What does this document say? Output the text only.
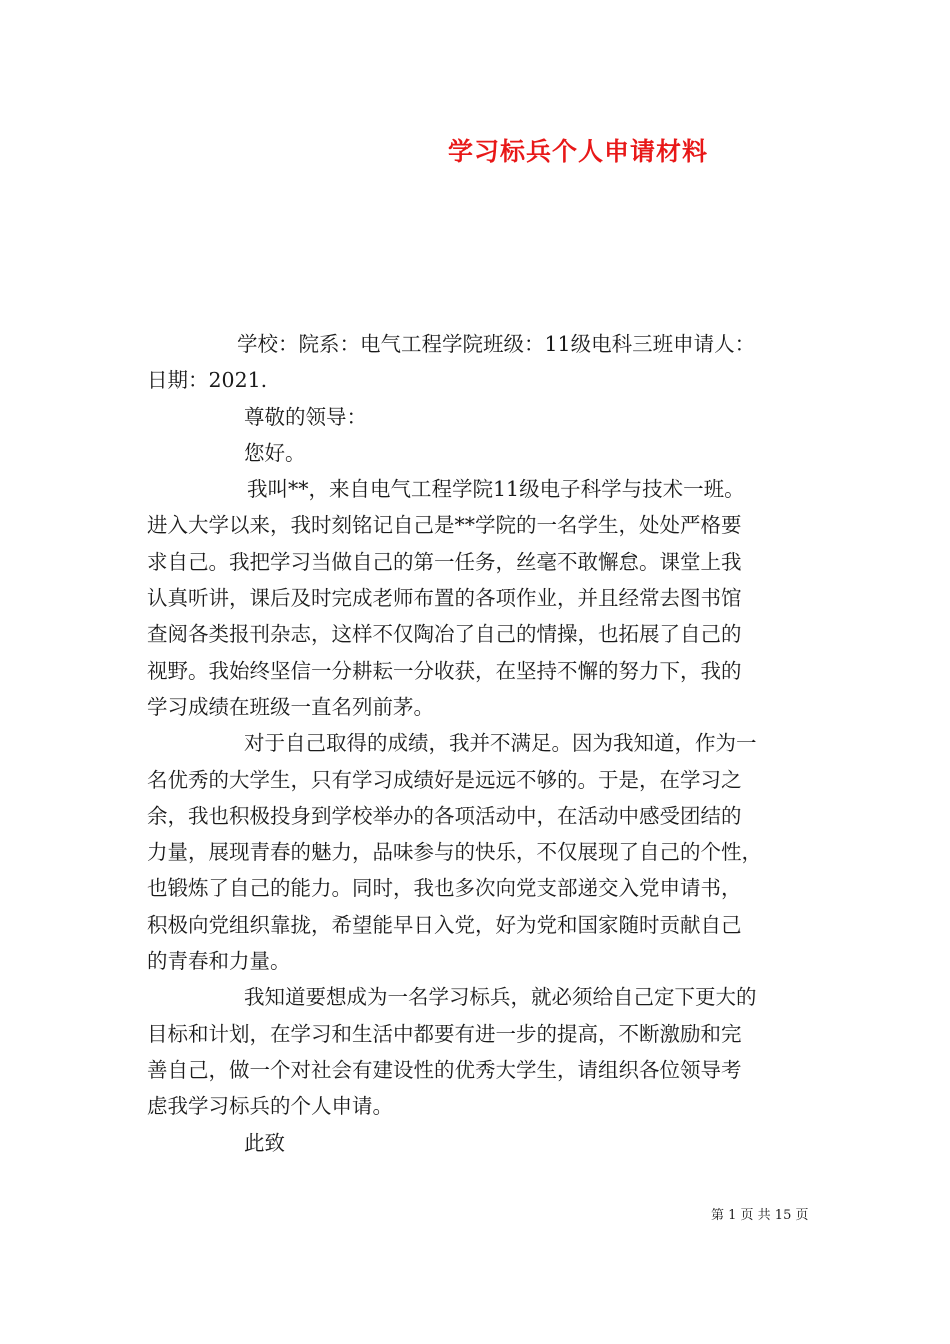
学习标兵个人申请材料
学校：院系：电气工程学院班级：11级电科三班申请人：
日期：2021.
尊敬的领导：
您好。
我叫**，来自电气工程学院11级电子科学与技术一班。
进入大学以来，我时刻铭记自己是**学院的一名学生，处处严格要
求自己。我把学习当做自己的第一任务，丝毫不敢懈怠。课堂上我
认真听讲，课后及时完成老师布置的各项作业，并且经常去图书馆
查阅各类报刊杂志，这样不仅陶冶了自己的情操，也拓展了自己的
视野。我始终坚信一分耕耘一分收获，在坚持不懈的努力下，我的
学习成绩在班级一直名列前茅。
对于自己取得的成绩，我并不满足。因为我知道，作为一
名优秀的大学生，只有学习成绩好是远远不够的。于是，在学习之
余，我也积极投身到学校举办的各项活动中，在活动中感受团结的
力量，展现青春的魅力，品味参与的快乐，不仅展现了自己的个性，
也锻炼了自己的能力。同时，我也多次向党支部递交入党申请书，
积极向党组织靠拢，希望能早日入党，好为党和国家随时贡献自己
的青春和力量。
我知道要想成为一名学习标兵，就必须给自己定下更大的
目标和计划，在学习和生活中都要有进一步的提高，不断激励和完
善自己，做一个对社会有建设性的优秀大学生，请组织各位领导考
虑我学习标兵的个人申请。
此致
第 1 页 共 15 页
